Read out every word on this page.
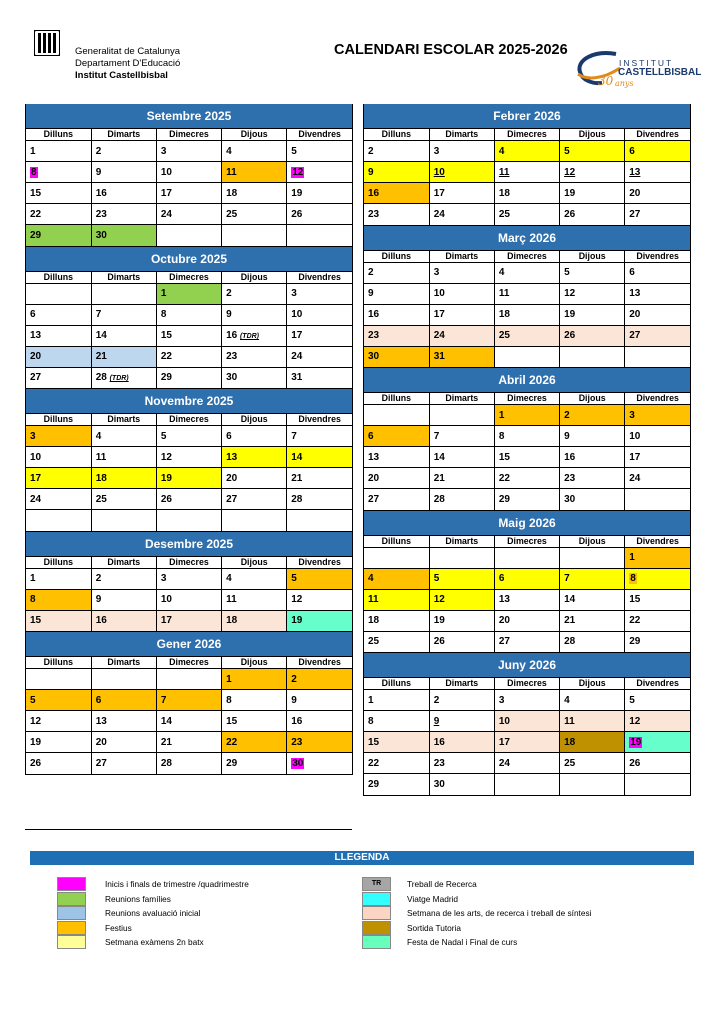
Generalitat de Catalunya
Departament D'Educació
Institut Castellbisbal
CALENDARI ESCOLAR 2025-2026
INSTITUT
CASTELLBISBAL
30 anys
Setembre 2025
Dilluns	Dimarts	Dimecres	Dijous	Divendres
1	2	3	4	5
8	9	10	11	12
15	16	17	18	19
22	23	24	25	26
29	30			
Octubre 2025
Dilluns	Dimarts	Dimecres	Dijous	Divendres
		1	2	3
6	7	8	9	10
13	14	15	16 (TDR)	17
20	21	22	23	24
27	28 (TDR)	29	30	31
Novembre 2025
Dilluns	Dimarts	Dimecres	Dijous	Divendres
3	4	5	6	7
10	11	12	13	14
17	18	19	20	21
24	25	26	27	28

Desembre 2025
Dilluns	Dimarts	Dimecres	Dijous	Divendres
1	2	3	4	5
8	9	10	11	12
15	16	17	18	19
Gener 2026
Dilluns	Dimarts	Dimecres	Dijous	Divendres
			1	2
5	6	7	8	9
12	13	14	15	16
19	20	21	22	23
26	27	28	29	30
Febrer 2026
Dilluns	Dimarts	Dimecres	Dijous	Divendres
2	3	4	5	6
9	10	11	12	13
16	17	18	19	20
23	24	25	26	27
Març 2026
Dilluns	Dimarts	Dimecres	Dijous	Divendres
2	3	4	5	6
9	10	11	12	13
16	17	18	19	20
23	24	25	26	27
30	31			
Abril 2026
Dilluns	Dimarts	Dimecres	Dijous	Divendres
		1	2	3
6	7	8	9	10
13	14	15	16	17
20	21	22	23	24
27	28	29	30	
Maig 2026
Dilluns	Dimarts	Dimecres	Dijous	Divendres
				1
4	5	6	7	8
11	12	13	14	15
18	19	20	21	22
25	26	27	28	29
Juny 2026
Dilluns	Dimarts	Dimecres	Dijous	Divendres
1	2	3	4	5
8	9	10	11	12
15	16	17	18	19
22	23	24	25	26
29	30			
LLEGENDA
Inicis i finals de trimestre /quadrimestre
Reunions famílies
Reunions avaluació inicial
Festius
Setmana exàmens 2n batx
TR	Treball de Recerca
Viatge Madrid
Setmana de les arts, de recerca i treball de síntesi
Sortida Tutoria
Festa de Nadal i Final de curs
